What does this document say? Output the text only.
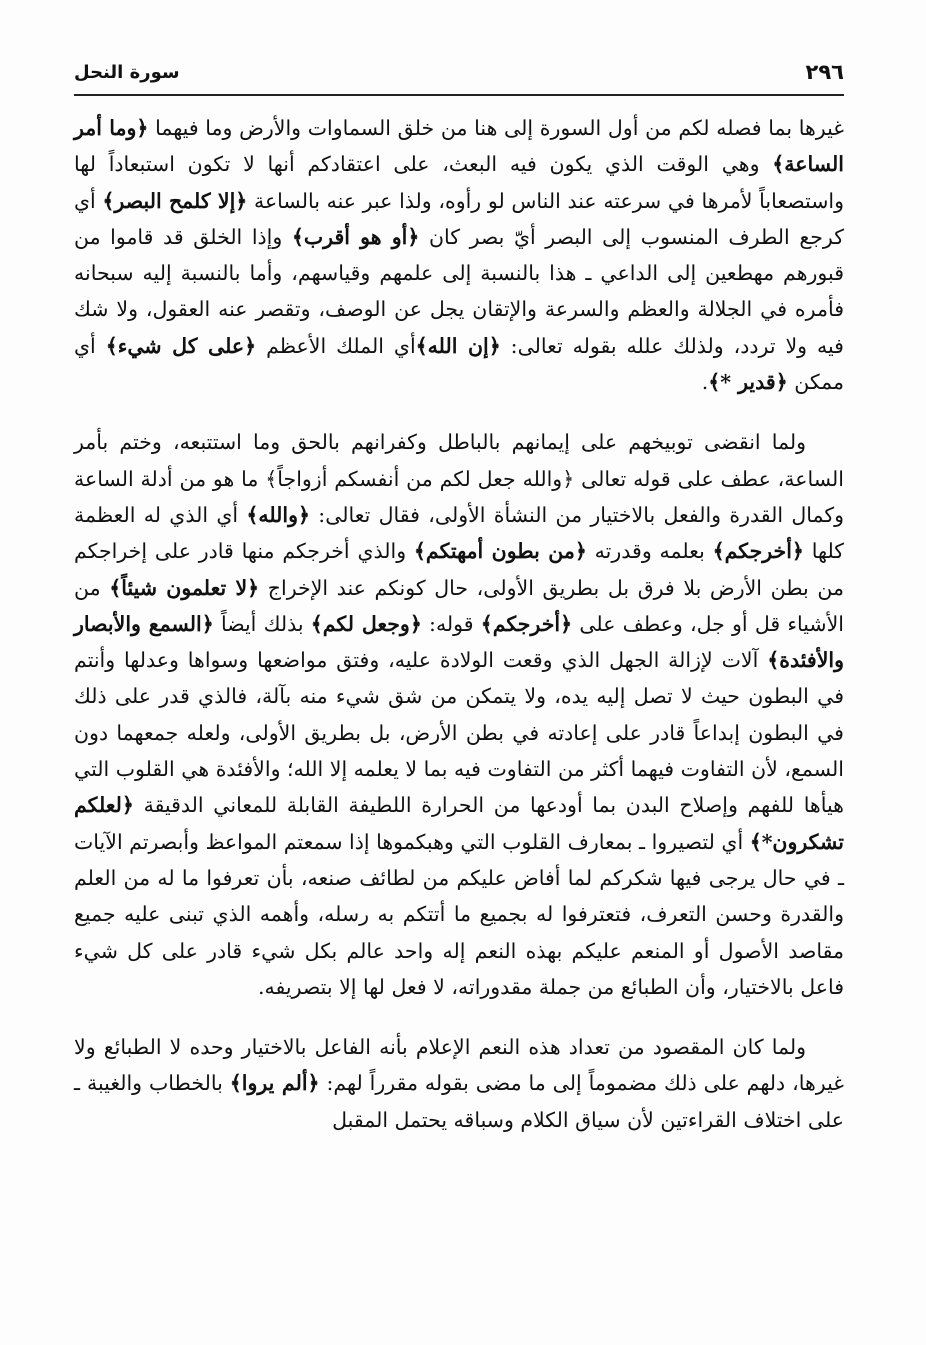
٢٩٦
سورة النحل

غيرها بما فصله لكم من أول السورة إلى هنا من خلق السماوات والأرض وما فيهما ﴿وما أمر الساعة﴾ وهي الوقت الذي يكون فيه البعث، على اعتقادكم أنها لا تكون استبعاداً لها واستصعاباً لأمرها في سرعته عند الناس لو رأوه، ولذا عبر عنه بالساعة ﴿إلا كلمح البصر﴾ أي كرجع الطرف المنسوب إلى البصر أيّ بصر كان ﴿أو هو أقرب﴾ وإذا الخلق قد قاموا من قبورهم مهطعين إلى الداعي ـ هذا بالنسبة إلى علمهم وقياسهم، وأما بالنسبة إليه سبحانه فأمره في الجلالة والعظم والسرعة والإتقان يجل عن الوصف، وتقصر عنه العقول، ولا شك فيه ولا تردد، ولذلك علله بقوله تعالى: ﴿إن الله﴾أي الملك الأعظم ﴿على كل شيء﴾ أي ممكن ﴿قدير *﴾.

ولما انقضى توبيخهم على إيمانهم بالباطل وكفرانهم بالحق وما استتبعه، وختم بأمر الساعة، عطف على قوله تعالى ﴿والله جعل لكم من أنفسكم أزواجاً﴾ ما هو من أدلة الساعة وكمال القدرة والفعل بالاختيار من النشأة الأولى، فقال تعالى: ﴿والله﴾ أي الذي له العظمة كلها ﴿أخرجكم﴾ بعلمه وقدرته ﴿من بطون أمهتكم﴾ والذي أخرجكم منها قادر على إخراجكم من بطن الأرض بلا فرق بل بطريق الأولى، حال كونكم عند الإخراج ﴿لا تعلمون شيئاً﴾ من الأشياء قل أو جل، وعطف على ﴿أخرجكم﴾ قوله: ﴿وجعل لكم﴾ بذلك أيضاً ﴿السمع والأبصار والأفئدة﴾ آلات لإزالة الجهل الذي وقعت الولادة عليه، وفتق مواضعها وسواها وعدلها وأنتم في البطون حيث لا تصل إليه يده، ولا يتمكن من شق شيء منه بآلة، فالذي قدر على ذلك في البطون إبداعاً قادر على إعادته في بطن الأرض، بل بطريق الأولى، ولعله جمعهما دون السمع، لأن التفاوت فيهما أكثر من التفاوت فيه بما لا يعلمه إلا الله؛ والأفئدة هي القلوب التي هيأها للفهم وإصلاح البدن بما أودعها من الحرارة اللطيفة القابلة للمعاني الدقيقة ﴿لعلكم تشكرون*﴾ أي لتصيروا ـ بمعارف القلوب التي وهبكموها إذا سمعتم المواعظ وأبصرتم الآيات ـ في حال يرجى فيها شكركم لما أفاض عليكم من لطائف صنعه، بأن تعرفوا ما له من العلم والقدرة وحسن التعرف، فتعترفوا له بجميع ما أتتكم به رسله، وأهمه الذي تبنى عليه جميع مقاصد الأصول أو المنعم عليكم بهذه النعم إله واحد عالم بكل شيء قادر على كل شيء فاعل بالاختيار، وأن الطبائع من جملة مقدوراته، لا فعل لها إلا بتصريفه.

ولما كان المقصود من تعداد هذه النعم الإعلام بأنه الفاعل بالاختيار وحده لا الطبائع ولا غيرها، دلهم على ذلك مضموماً إلى ما مضى بقوله مقرراً لهم: ﴿ألم يروا﴾ بالخطاب والغيبة ـ على اختلاف القراءتين لأن سياق الكلام وسباقه يحتمل المقبل
